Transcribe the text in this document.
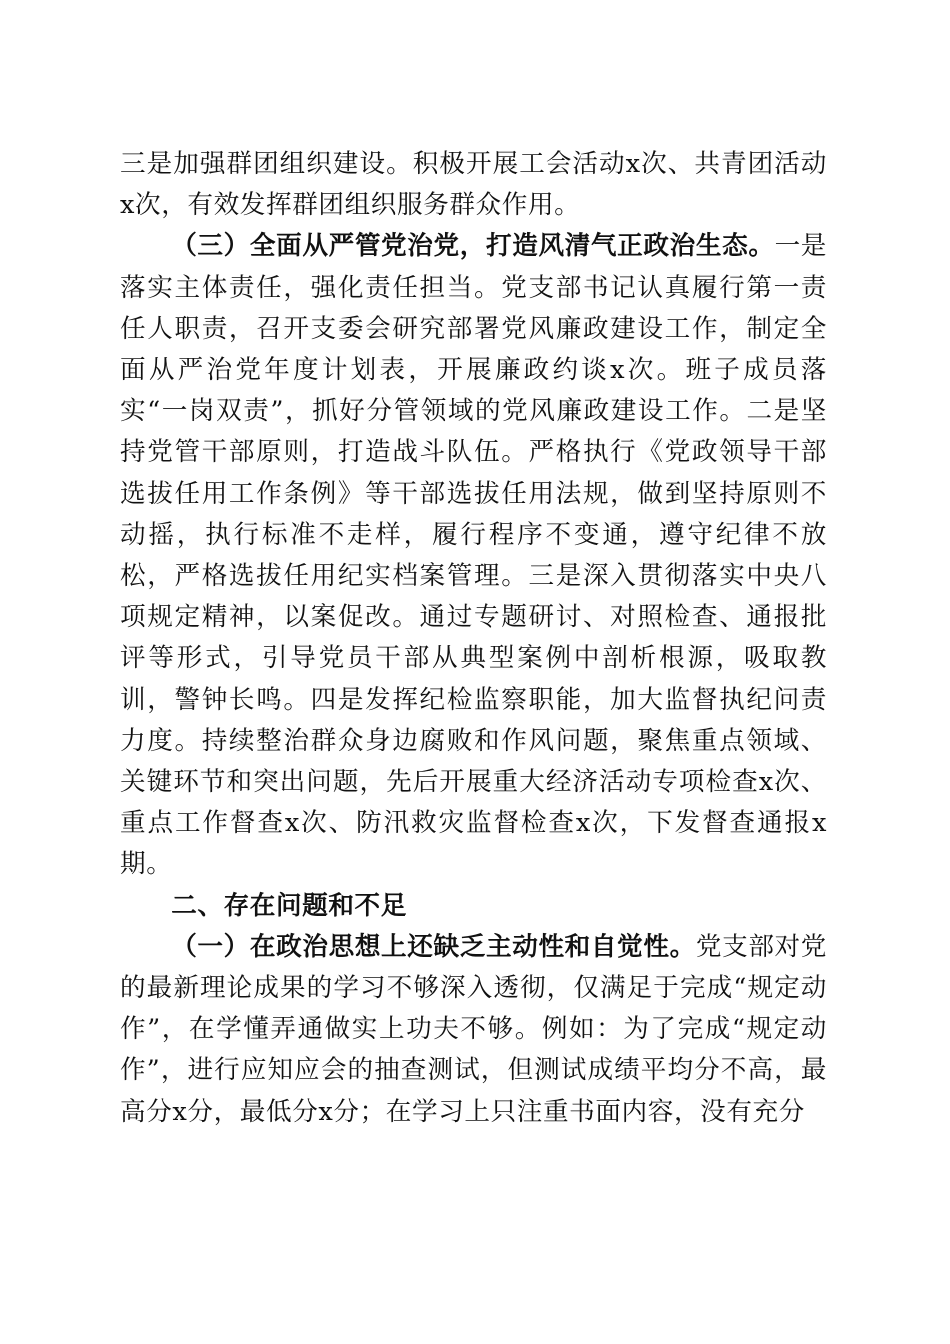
三是加强群团组织建设。积极开展工会活动x次、共青团活动x次，有效发挥群团组织服务群众作用。

（三）全面从严管党治党，打造风清气正政治生态。一是落实主体责任，强化责任担当。党支部书记认真履行第一责任人职责，召开支委会研究部署党风廉政建设工作，制定全面从严治党年度计划表，开展廉政约谈x次。班子成员落实“一岗双责”，抓好分管领域的党风廉政建设工作。二是坚持党管干部原则，打造战斗队伍。严格执行《党政领导干部选拔任用工作条例》等干部选拔任用法规，做到坚持原则不动摇，执行标准不走样，履行程序不变通，遵守纪律不放松，严格选拔任用纪实档案管理。三是深入贯彻落实中央八项规定精神，以案促改。通过专题研讨、对照检查、通报批评等形式，引导党员干部从典型案例中剖析根源，吸取教训，警钟长鸣。四是发挥纪检监察职能，加大监督执纪问责力度。持续整治群众身边腐败和作风问题，聚焦重点领域、关键环节和突出问题，先后开展重大经济活动专项检查x次、重点工作督查x次、防汛救灾监督检查x次，下发督查通报x期。

二、存在问题和不足

（一）在政治思想上还缺乏主动性和自觉性。党支部对党的最新理论成果的学习不够深入透彻，仅满足于完成“规定动作”，在学懂弄通做实上功夫不够。例如：为了完成“规定动作”，进行应知应会的抽查测试，但测试成绩平均分不高，最高分x分，最低分x分；在学习上只注重书面内容，没有充分
